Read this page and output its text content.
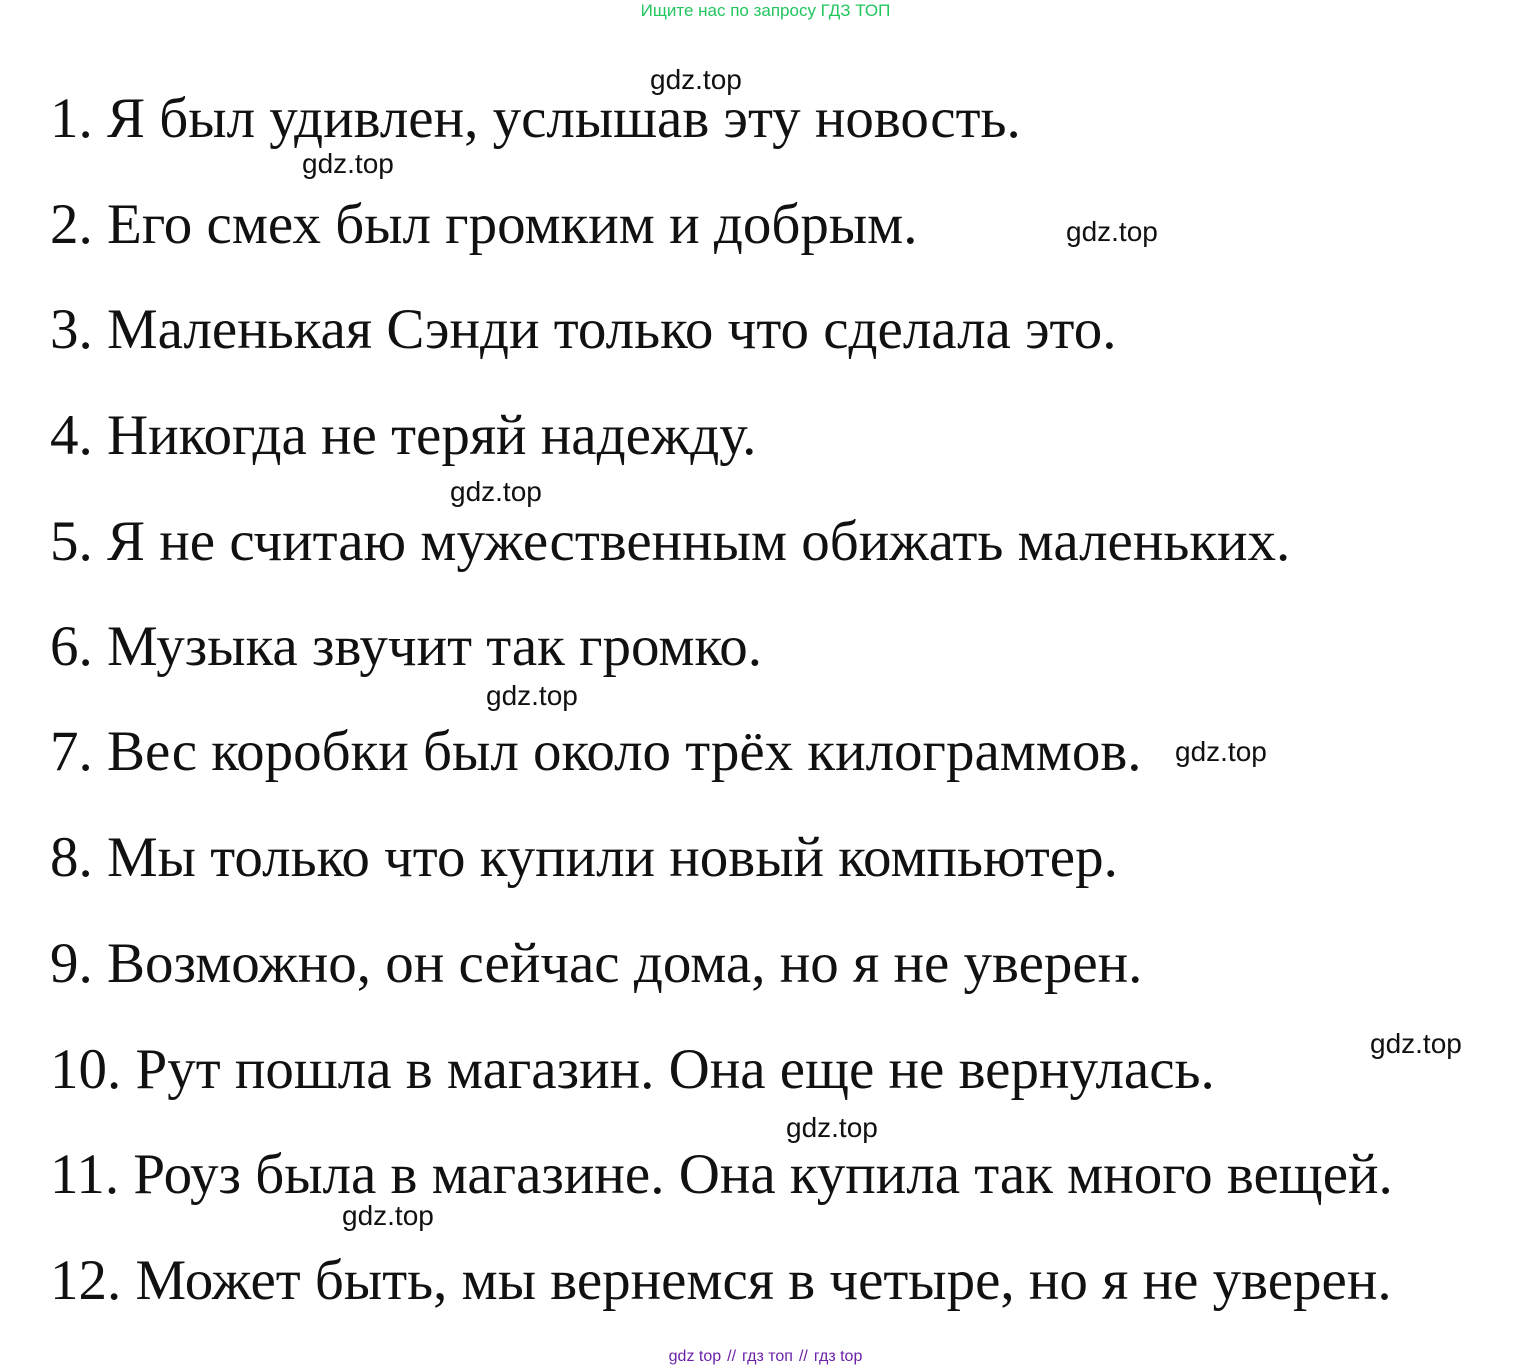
Ищите нас по запросу ГДЗ ТОП
1. Я был удивлен, услышав эту новость.
2. Его смех был громким и добрым.
3. Маленькая Сэнди только что сделала это.
4. Никогда не теряй надежду.
5. Я не считаю мужественным обижать маленьких.
6. Музыка звучит так громко.
7. Вес коробки был около трёх килограммов.
8. Мы только что купили новый компьютер.
9. Возможно, он сейчас дома, но я не уверен.
10. Рут пошла в магазин. Она еще не вернулась.
11. Роуз была в магазине. Она купила так много вещей.
12. Может быть, мы вернемся в четыре, но я не уверен.
gdz.top
gdz.top
gdz.top
gdz.top
gdz.top
gdz.top
gdz.top
gdz.top
gdz.top
gdz top // гдз топ // гдз top
